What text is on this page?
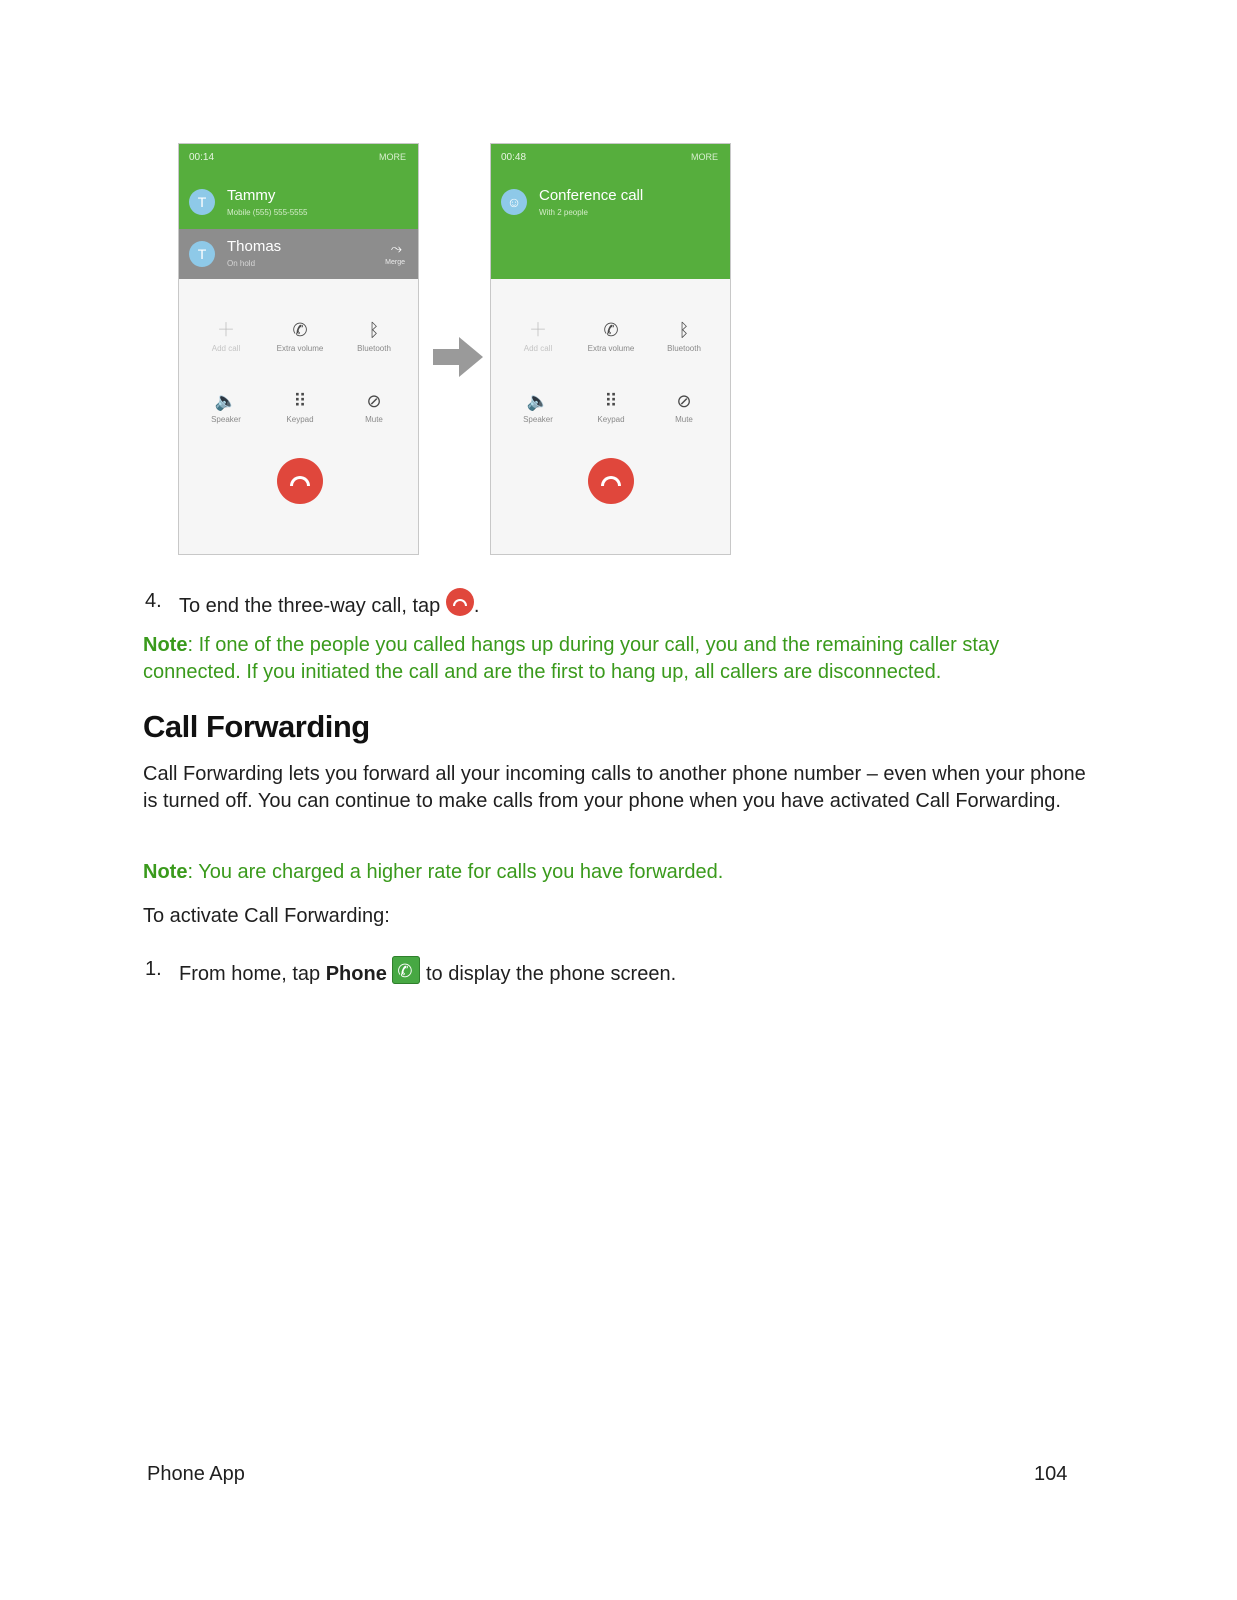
00:14	MORE
T	Tammy
Mobile (555) 555-5555
T	Thomas
On hold
⤳
Merge
＋
Add call
✆
Extra volume
ᛒ
Bluetooth
🔈
Speaker
⠿
Keypad
⊘
Mute
00:48	MORE
☺	Conference call
With 2 people
＋
Add call
✆
Extra volume
ᛒ
Bluetooth
🔈
Speaker
⠿
Keypad
⊘
Mute
4. To end the three-way call, tap .
Note: If one of the people you called hangs up during your call, you and the remaining caller stay connected. If you initiated the call and are the first to hang up, all callers are disconnected.
Call Forwarding
Call Forwarding lets you forward all your incoming calls to another phone number – even when your phone is turned off. You can continue to make calls from your phone when you have activated Call Forwarding.
Note: You are charged a higher rate for calls you have forwarded.
To activate Call Forwarding:
1. From home, tap Phone ✆ to display the phone screen.
Phone App	104
